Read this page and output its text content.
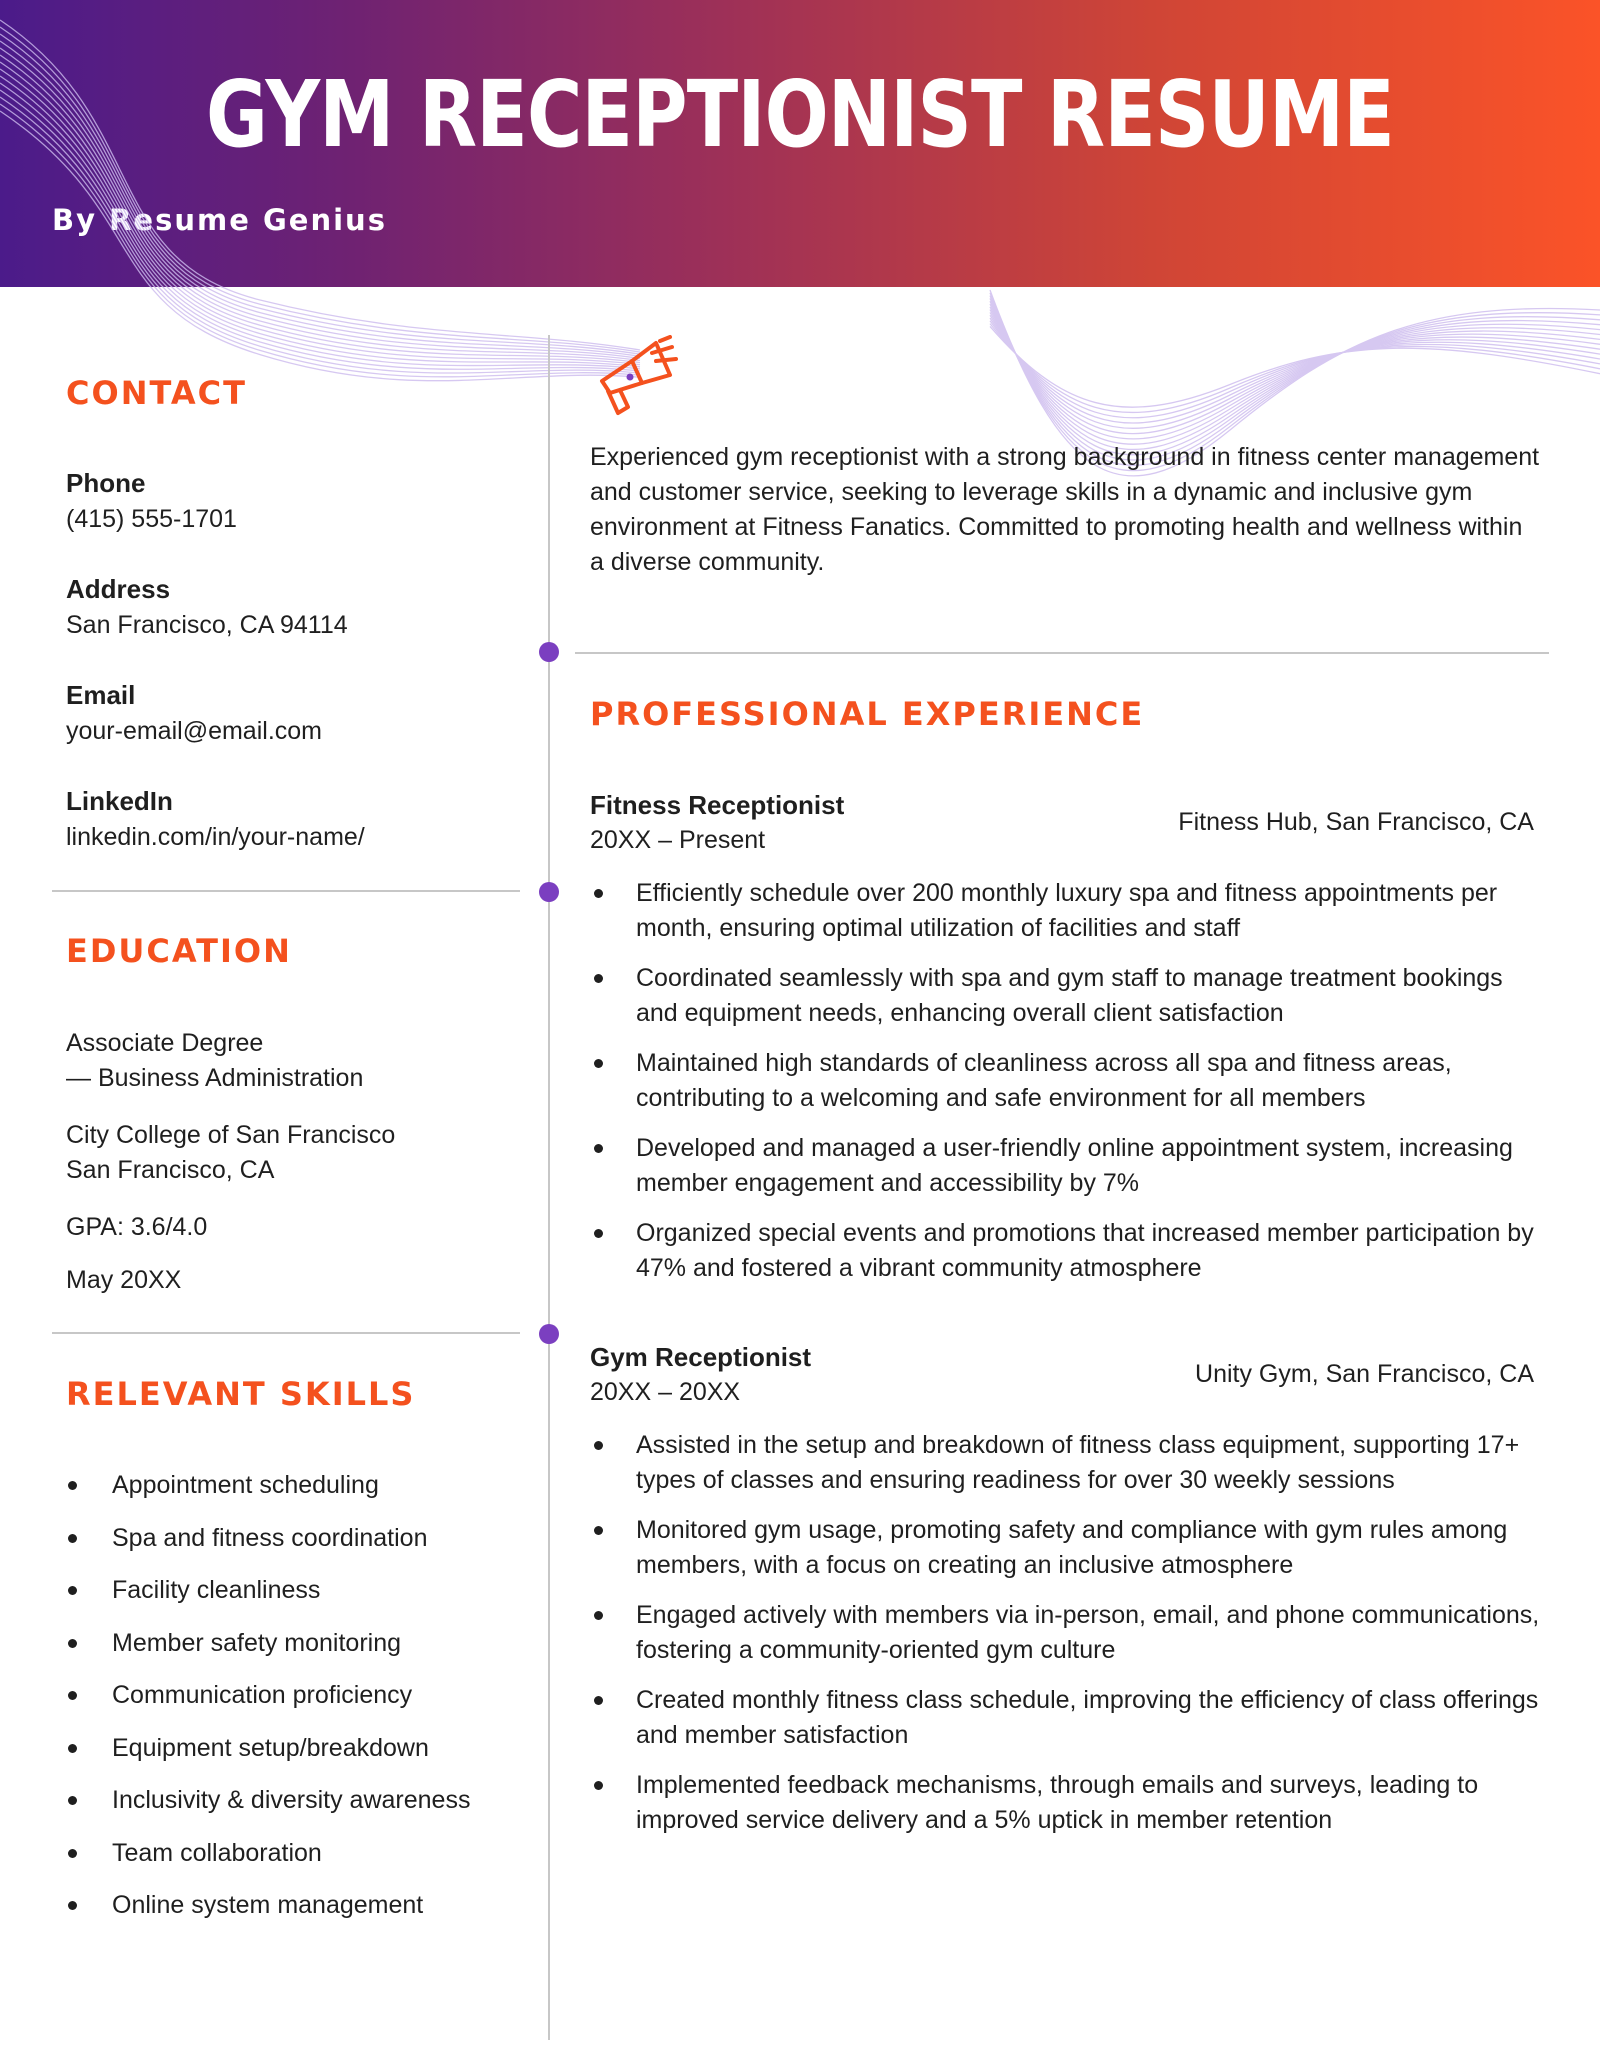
GYM RECEPTIONIST RESUME
By Resume Genius
CONTACT
Phone
(415) 555-1701
Address
San Francisco, CA 94114
Email
your-email@email.com
LinkedIn
linkedin.com/in/your-name/
EDUCATION
Associate Degree
— Business Administration
City College of San Francisco
San Francisco, CA
GPA: 3.6/4.0
May 20XX
RELEVANT SKILLS
Appointment scheduling
Spa and fitness coordination
Facility cleanliness
Member safety monitoring
Communication proficiency
Equipment setup/breakdown
Inclusivity & diversity awareness
Team collaboration
Online system management
Experienced gym receptionist with a strong background in fitness center management and customer service, seeking to leverage skills in a dynamic and inclusive gym environment at Fitness Fanatics. Committed to promoting health and wellness within a diverse community.
PROFESSIONAL EXPERIENCE
Fitness Receptionist
20XX – Present
Fitness Hub, San Francisco, CA
Efficiently schedule over 200 monthly luxury spa and fitness appointments per month, ensuring optimal utilization of facilities and staff
Coordinated seamlessly with spa and gym staff to manage treatment bookings and equipment needs, enhancing overall client satisfaction
Maintained high standards of cleanliness across all spa and fitness areas, contributing to a welcoming and safe environment for all members
Developed and managed a user-friendly online appointment system, increasing member engagement and accessibility by 7%
Organized special events and promotions that increased member participation by 47% and fostered a vibrant community atmosphere
Gym Receptionist
20XX – 20XX
Unity Gym, San Francisco, CA
Assisted in the setup and breakdown of fitness class equipment, supporting 17+ types of classes and ensuring readiness for over 30 weekly sessions
Monitored gym usage, promoting safety and compliance with gym rules among members, with a focus on creating an inclusive atmosphere
Engaged actively with members via in-person, email, and phone communications, fostering a community-oriented gym culture
Created monthly fitness class schedule, improving the efficiency of class offerings and member satisfaction
Implemented feedback mechanisms, through emails and surveys, leading to improved service delivery and a 5% uptick in member retention
